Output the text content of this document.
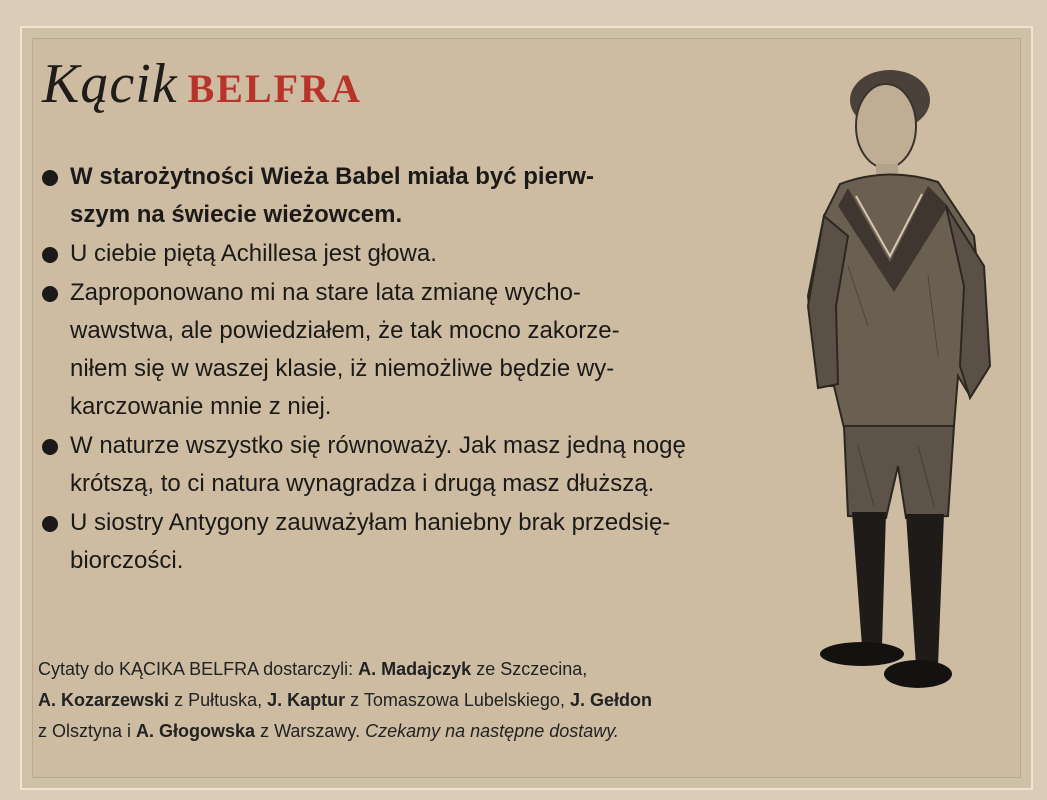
Kącik BELFRA
W starożytności Wieża Babel miała być pierw-
szym na świecie wieżowcem.
U ciebie piętą Achillesa jest głowa.
Zaproponowano mi na stare lata zmianę wycho-
wawstwa, ale powiedziałem, że tak mocno zakorze-
niłem się w waszej klasie, iż niemożliwe będzie wy-
karczowanie mnie z niej.
W naturze wszystko się równoważy. Jak masz jedną nogę
krótszą, to ci natura wynagradza i drugą masz dłuższą.
U siostry Antygony zauważyłam haniebny brak przedsię-
biorczości.
Cytaty do KĄCIKA BELFRA dostarczyli: A. Madajczyk ze Szczecina,
A. Kozarzewski z Pułtuska, J. Kaptur z Tomaszowa Lubelskiego, J. Gełdon
z Olsztyna i A. Głogowska z Warszawy. Czekamy na następne dostawy.
